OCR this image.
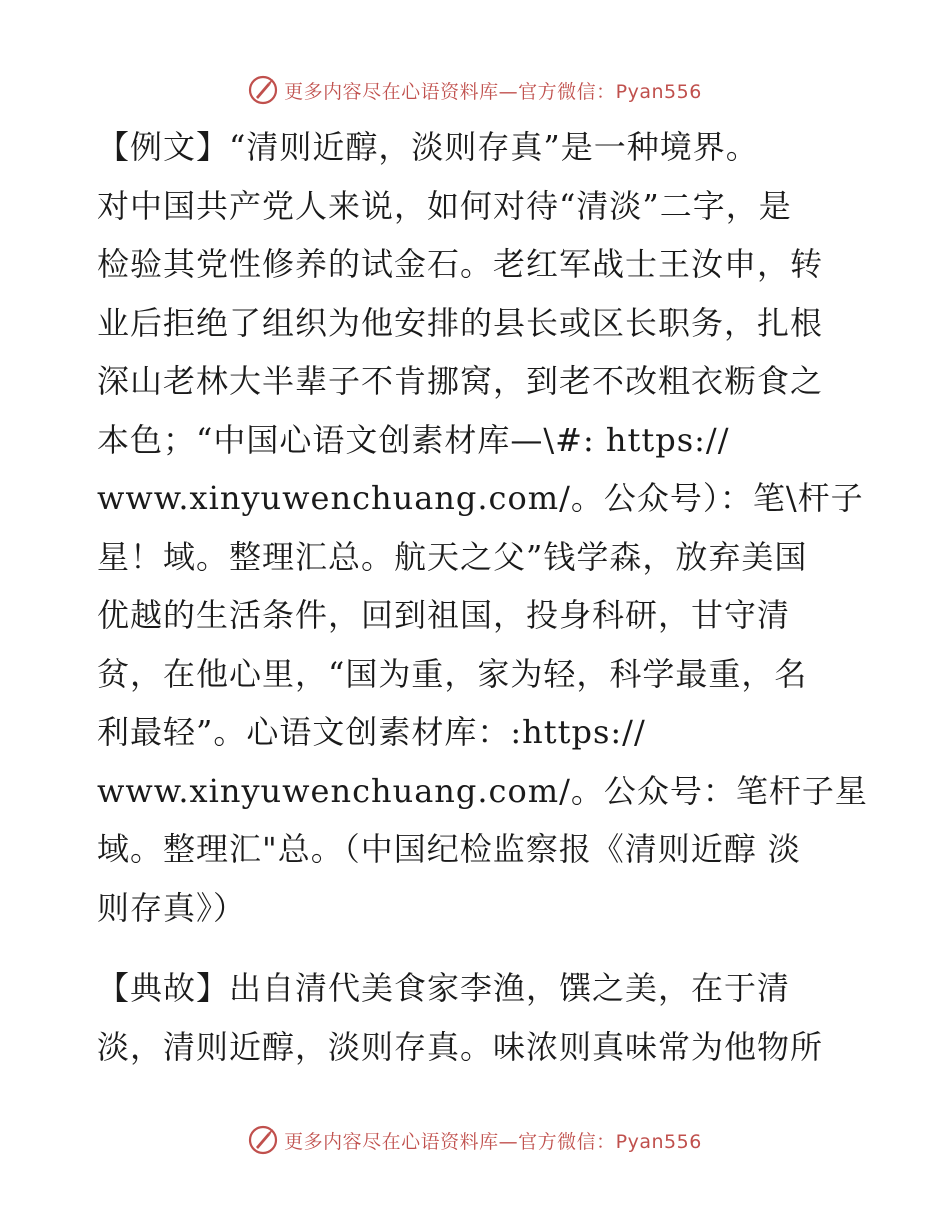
更多内容尽在心语资料库—官方微信：Pyan556

【例文】“清则近醇，淡则存真”是一种境界。
对中国共产党人来说，如何对待“清淡”二字，是
检验其党性修养的试金石。老红军战士王汝申，转
业后拒绝了组织为他安排的县长或区长职务，扎根
深山老林大半辈子不肯挪窝，到老不改粗衣粝食之
本色；“中国心语文创素材库—\#: https://
www.xinyuwenchuang.com/。公众号）：笔\杆子
星！域。整理汇总。航天之父”钱学森，放弃美国
优越的生活条件，回到祖国，投身科研，甘守清
贫，在他心里，“国为重，家为轻，科学最重，名
利最轻”。心语文创素材库：:https://
www.xinyuwenchuang.com/。公众号：笔杆子星
域。整理汇"总。（中国纪检监察报《清则近醇 淡
则存真》）

【典故】出自清代美食家李渔，馔之美，在于清
淡，清则近醇，淡则存真。味浓则真味常为他物所

更多内容尽在心语资料库—官方微信：Pyan556
